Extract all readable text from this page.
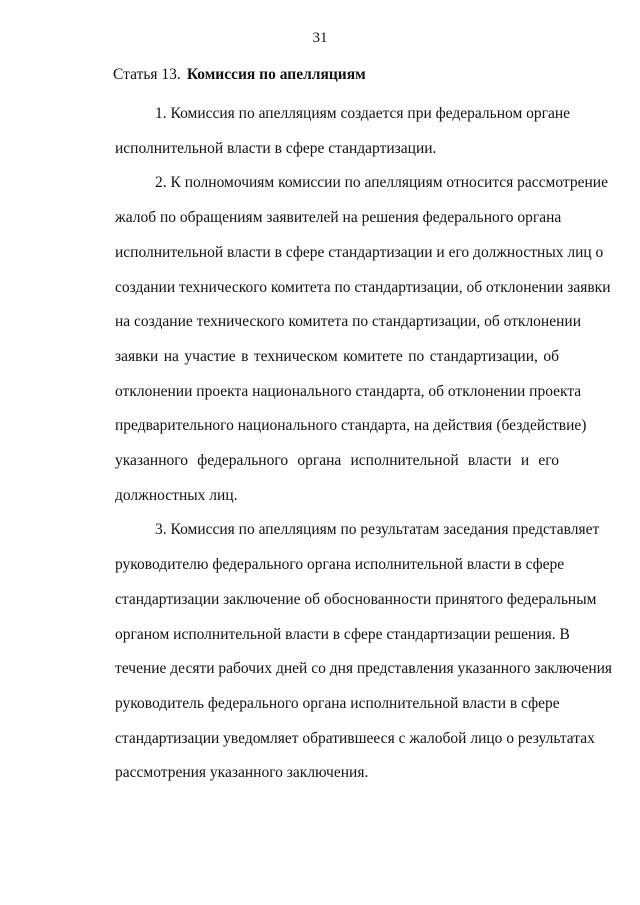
31
Статья 13. Комиссия по апелляциям
1. Комиссия по апелляциям создается при федеральном органе
исполнительной власти в сфере стандартизации.
2. К полномочиям комиссии по апелляциям относится рассмотрение
жалоб по обращениям заявителей на решения федерального органа
исполнительной власти в сфере стандартизации и его должностных лиц о
создании технического комитета по стандартизации, об отклонении заявки
на создание технического комитета по стандартизации, об отклонении
заявки на участие в техническом комитете по стандартизации, об
отклонении проекта национального стандарта, об отклонении проекта
предварительного национального стандарта, на действия (бездействие)
указанного федерального органа исполнительной власти и его
должностных лиц.
3. Комиссия по апелляциям по результатам заседания представляет
руководителю федерального органа исполнительной власти в сфере
стандартизации заключение об обоснованности принятого федеральным
органом исполнительной власти в сфере стандартизации решения. В
течение десяти рабочих дней со дня представления указанного заключения
руководитель федерального органа исполнительной власти в сфере
стандартизации уведомляет обратившееся с жалобой лицо о результатах
рассмотрения указанного заключения.
